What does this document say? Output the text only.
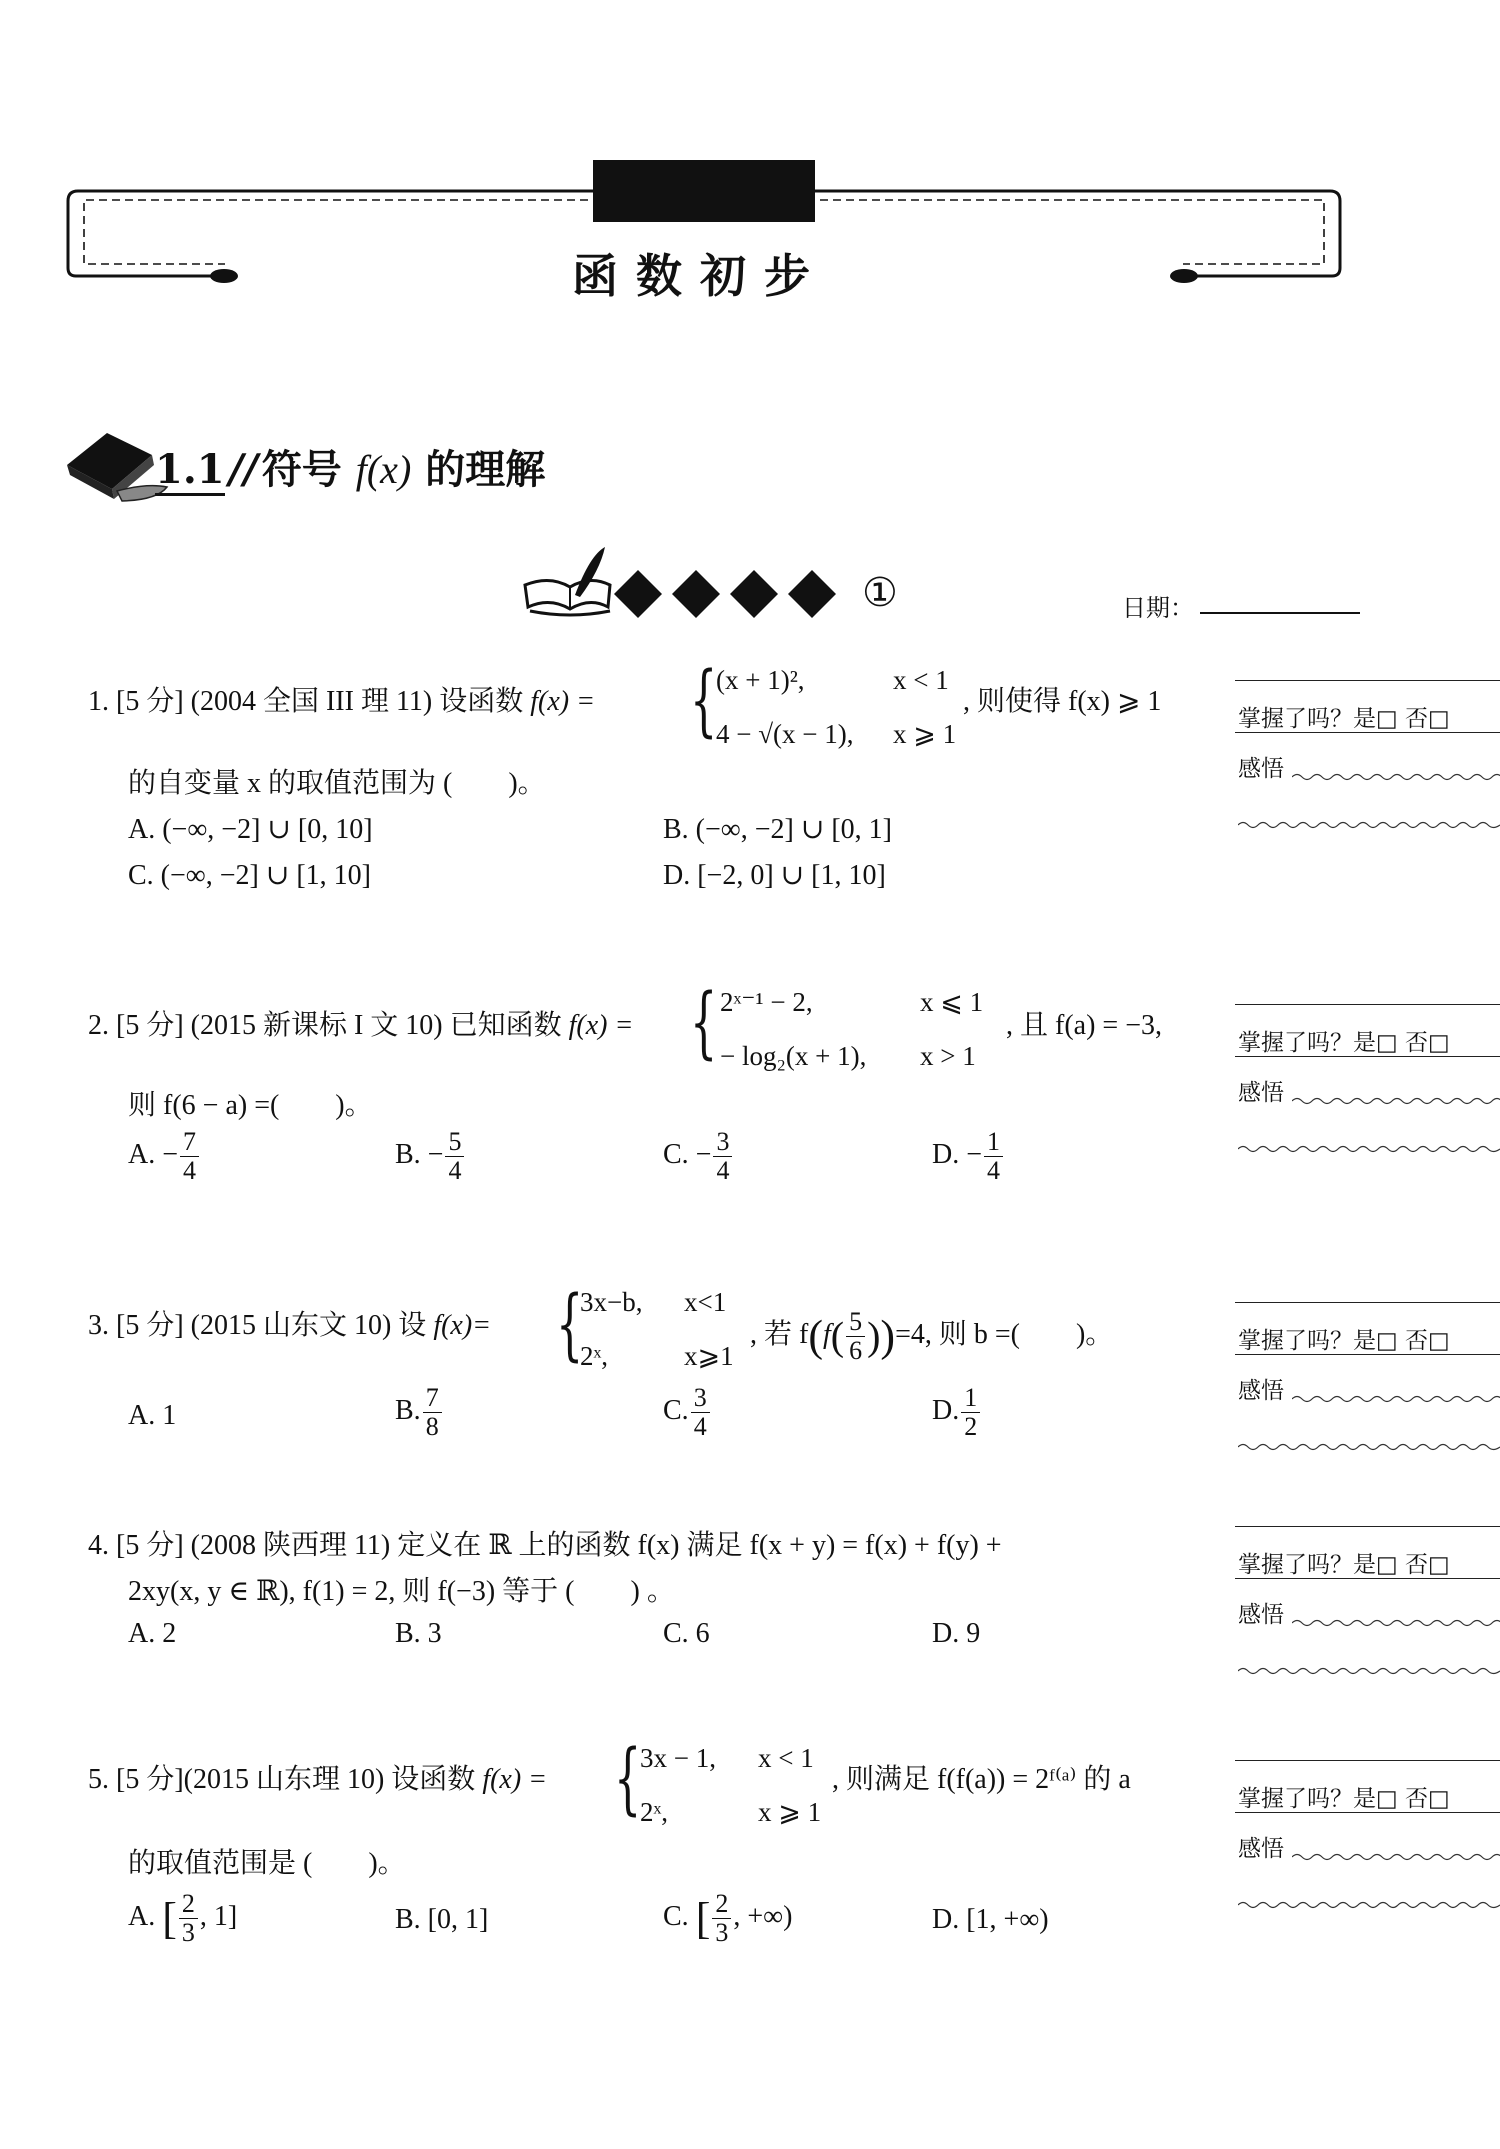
函数初步
1.1 // 符号 f(x) 的理解
①	日期：
掌握了吗？是□ 否□
感悟
掌握了吗？是□ 否□
感悟
掌握了吗？是□ 否□
感悟
掌握了吗？是□ 否□
感悟
掌握了吗？是□ 否□
感悟
1. [5 分] (2004 全国 III 理 11) 设函数 f(x) = {
(x + 1)²,	x < 1
4 − √(x − 1), x ⩾ 1
, 则使得 f(x) ⩾ 1
的自变量 x 的取值范围为 (　　)。
A. (−∞, −2] ∪ [0, 10]	B. (−∞, −2] ∪ [0, 1]
C. (−∞, −2] ∪ [1, 10]	D. [−2, 0] ∪ [1, 10]
2. [5 分] (2015 新课标 I 文 10) 已知函数 f(x) = { 2ˣ⁻¹ − 2,	x ⩽ 1
− log₂(x + 1), x > 1
, 且 f(a) = −3,
则 f(6 − a) =(　　)。
A. − $\frac{7}{4}$	B. − $\frac{5}{4}$	C. − $\frac{3}{4}$	D. − $\frac{1}{4}$
3. [5 分] (2015 山东文 10) 设 f(x)= {
3x−b, x<1
2ˣ,	x⩾1
, 若 $f(f( \frac{5}{6} ))=4$, 则 b =(　　)。
A. 1	B. $\frac{7}{8}$	C. $\frac{3}{4}$	D. $\frac{1}{2}$
4. [5 分] (2008 陕西理 11) 定义在 ℝ 上的函数 f(x) 满足 f(x + y) = f(x) + f(y) +
2xy(x, y ∈ ℝ), f(1) = 2, 则 f(−3) 等于 (　　) 。
A. 2	B. 3	C. 6	D. 9
5. [5 分](2015 山东理 10) 设函数 f(x) = {
3x − 1, x < 1
2ˣ,	x ⩾ 1
, 则满足 f(f(a)) = 2ᶠ⁽ᵃ⁾ 的 a
的取值范围是 (　　)。
A. [ $\frac{2}{3}$ , 1]	B. [0, 1]	C. [ $\frac{2}{3}$ , +∞)	D. [1, +∞)
